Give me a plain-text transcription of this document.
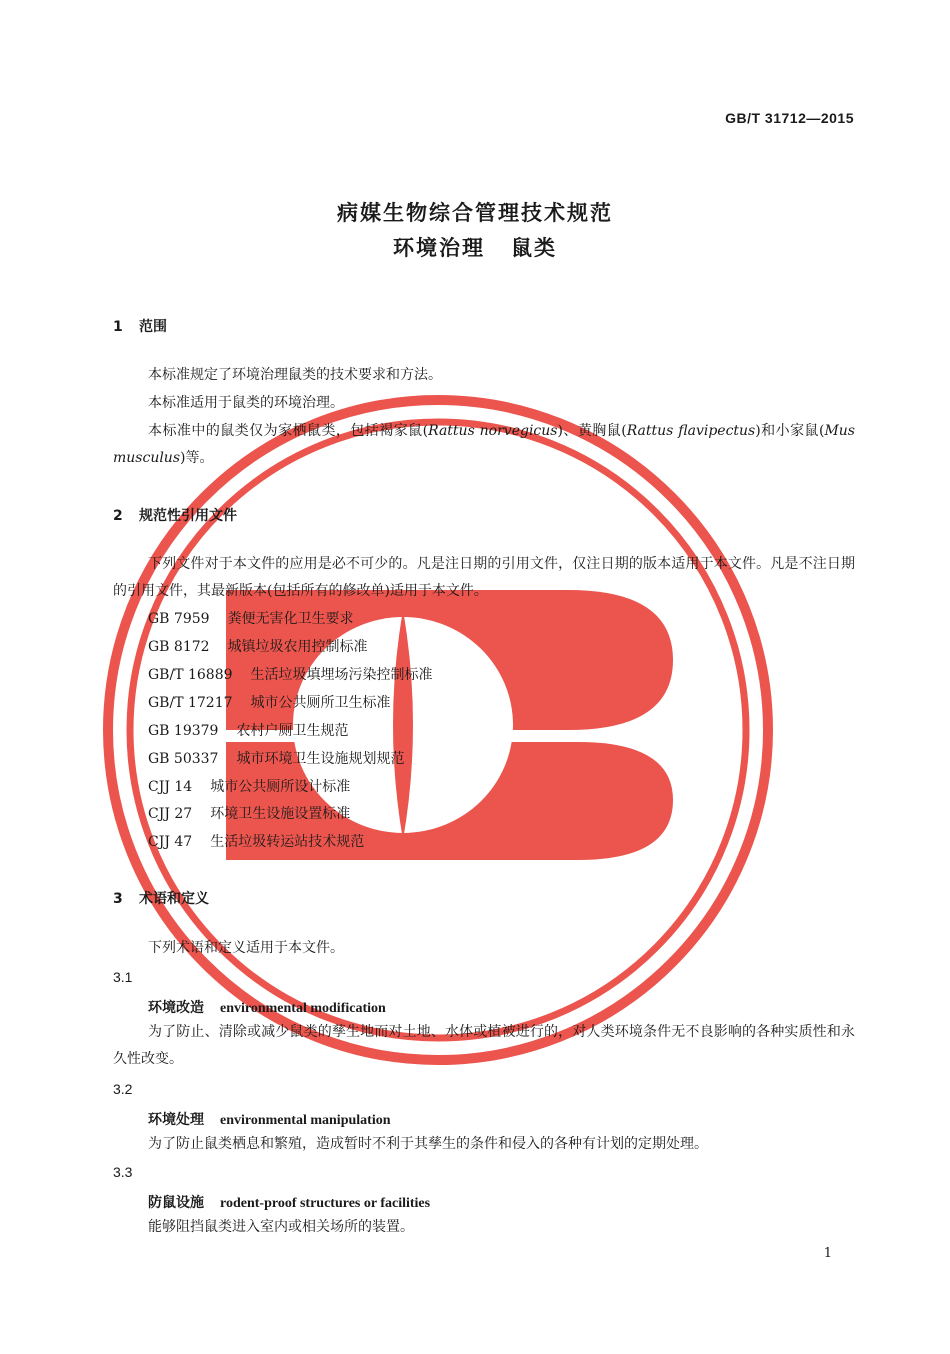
GB/T 31712—2015
病媒生物综合管理技术规范
环境治理 鼠类
1 范围
本标准规定了环境治理鼠类的技术要求和方法。
本标准适用于鼠类的环境治理。
本标准中的鼠类仅为家栖鼠类，包括褐家鼠(Rattus norvegicus)、黄胸鼠(Rattus flavipectus)和小家鼠(Mus musculus)等。
2 规范性引用文件
下列文件对于本文件的应用是必不可少的。凡是注日期的引用文件，仅注日期的版本适用于本文件。凡是不注日期的引用文件，其最新版本(包括所有的修改单)适用于本文件。
GB 7959 粪便无害化卫生要求
GB 8172 城镇垃圾农用控制标准
GB/T 16889 生活垃圾填埋场污染控制标准
GB/T 17217 城市公共厕所卫生标准
GB 19379 农村户厕卫生规范
GB 50337 城市环境卫生设施规划规范
CJJ 14 城市公共厕所设计标准
CJJ 27 环境卫生设施设置标准
CJJ 47 生活垃圾转运站技术规范
3 术语和定义
下列术语和定义适用于本文件。
3.1
环境改造 environmental modification
为了防止、清除或减少鼠类的孳生地而对土地、水体或植被进行的，对人类环境条件无不良影响的各种实质性和永久性改变。
3.2
环境处理 environmental manipulation
为了防止鼠类栖息和繁殖，造成暂时不利于其孳生的条件和侵入的各种有计划的定期处理。
3.3
防鼠设施 rodent-proof structures or facilities
能够阻挡鼠类进入室内或相关场所的装置。
1
